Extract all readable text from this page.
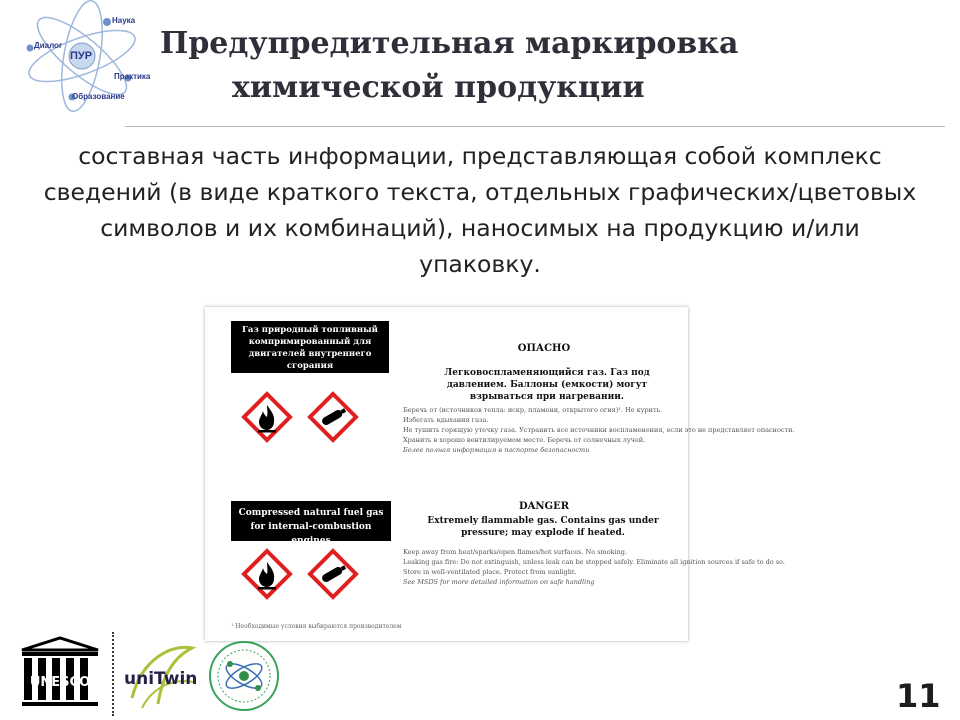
ПУР
Наука
Диалог
Практика
Образование
Предупредительная маркировка
химической продукции
составная часть информации, представляющая собой комплекс сведений (в виде краткого текста, отдельных графических/цветовых символов и их комбинаций), наносимых на продукцию и/или упаковку.
Газ природный топливный компримированный для двигателей внутреннего сгорания
ОПАСНО
Легковоспламеняющийся газ. Газ под давлением. Баллоны (емкости) могут взрываться при нагревании.
Беречь от (источников тепла: искр, пламени, открытого огня)¹. Не курить.
Избегать вдыхания газа.
Не тушить горящую утечку газа. Устранить все источники воспламенения, если это не представляет опасности.
Хранить в хорошо вентилируемом месте. Беречь от солнечных лучей.
Более полная информация в паспорте безопасности
Compressed natural fuel gas for internal-combustion engines
DANGER
Extremely flammable gas. Contains gas under pressure; may explode if heated.
Keep away from heat/sparks/open flames/hot surfaces. No smoking.
Leaking gas fire: Do not extinguish, unless leak can be stopped safely. Eliminate all ignition sources if safe to do so.
Store in well-ventilated place. Protect from sunlight.
See MSDS for more detailed information on safe handling
¹ Необходимые условия выбираются производителем
UNESCO uniTwin	11
